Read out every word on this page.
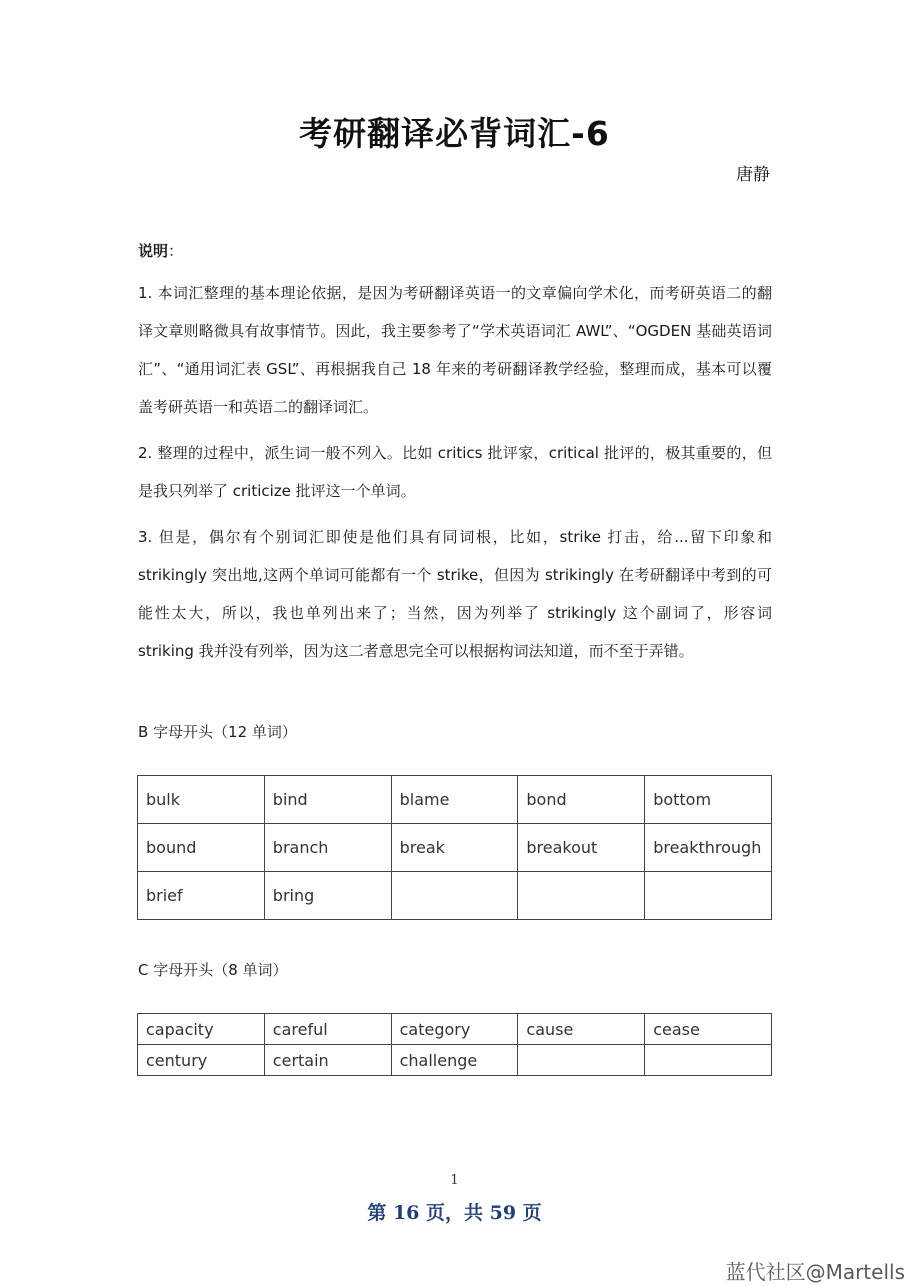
考研翻译必背词汇-6
唐静
说明：

1. 本词汇整理的基本理论依据，是因为考研翻译英语一的文章偏向学术化，而考研英语二的翻译文章则略微具有故事情节。因此，我主要参考了“学术英语词汇 AWL”、“OGDEN 基础英语词汇”、“通用词汇表 GSL”、再根据我自己 18 年来的考研翻译教学经验，整理而成，基本可以覆盖考研英语一和英语二的翻译词汇。

2. 整理的过程中，派生词一般不列入。比如 critics 批评家，critical 批评的，极其重要的，但是我只列举了 criticize 批评这一个单词。

3. 但是，偶尔有个别词汇即使是他们具有同词根，比如，strike 打击，给...留下印象和 strikingly 突出地,这两个单词可能都有一个 strike，但因为 strikingly 在考研翻译中考到的可能性太大，所以，我也单列出来了；当然，因为列举了 strikingly 这个副词了，形容词 striking 我并没有列举，因为这二者意思完全可以根据构词法知道，而不至于弄错。

B 字母开头（12 单词）
bulk	bind	blame	bond	bottom
bound	branch	break	breakout	breakthrough
brief	bring			
C 字母开头（8 单词）
capacity	careful	category	cause	cease
century	certain	challenge		
1
第 16 页，共 59 页
蓝代社区@Martells
